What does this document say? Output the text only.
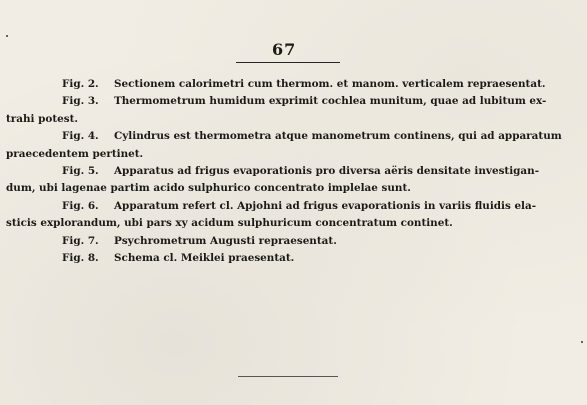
67
Fig. 2. Sectionem calorimetri cum thermom. et manom. verticalem repraesentat.
Fig. 3. Thermometrum humidum exprimit cochlea munitum, quae ad lubitum ex-
trahi potest.
Fig. 4. Cylindrus est thermometra atque manometrum continens, qui ad apparatum
praecedentem pertinet.
Fig. 5. Apparatus ad frigus evaporationis pro diversa aëris densitate investigan-
dum, ubi lagenae partim acido sulphurico concentrato implelae sunt.
Fig. 6. Apparatum refert cl. Apjohni ad frigus evaporationis in variis fluidis ela-
sticis explorandum, ubi pars xy acidum sulphuricum concentratum continet.
Fig. 7. Psychrometrum Augusti repraesentat.
Fig. 8. Schema cl. Meiklei praesentat.
